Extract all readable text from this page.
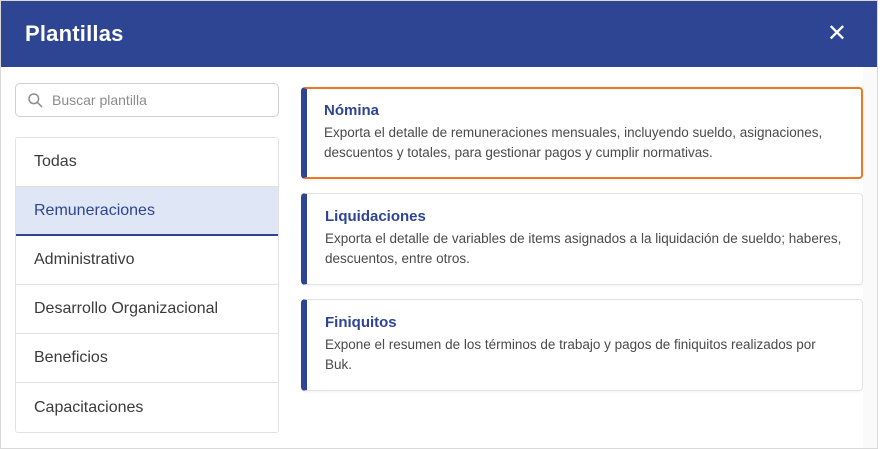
Plantillas	✕
Buscar plantilla
Todas
Remuneraciones
Administrativo
Desarrollo Organizacional
Beneficios
Capacitaciones
Nómina
Exporta el detalle de remuneraciones mensuales, incluyendo sueldo, asignaciones, descuentos y totales, para gestionar pagos y cumplir normativas.
Liquidaciones
Exporta el detalle de variables de items asignados a la liquidación de sueldo; haberes, descuentos, entre otros.
Finiquitos
Expone el resumen de los términos de trabajo y pagos de finiquitos realizados por Buk.
